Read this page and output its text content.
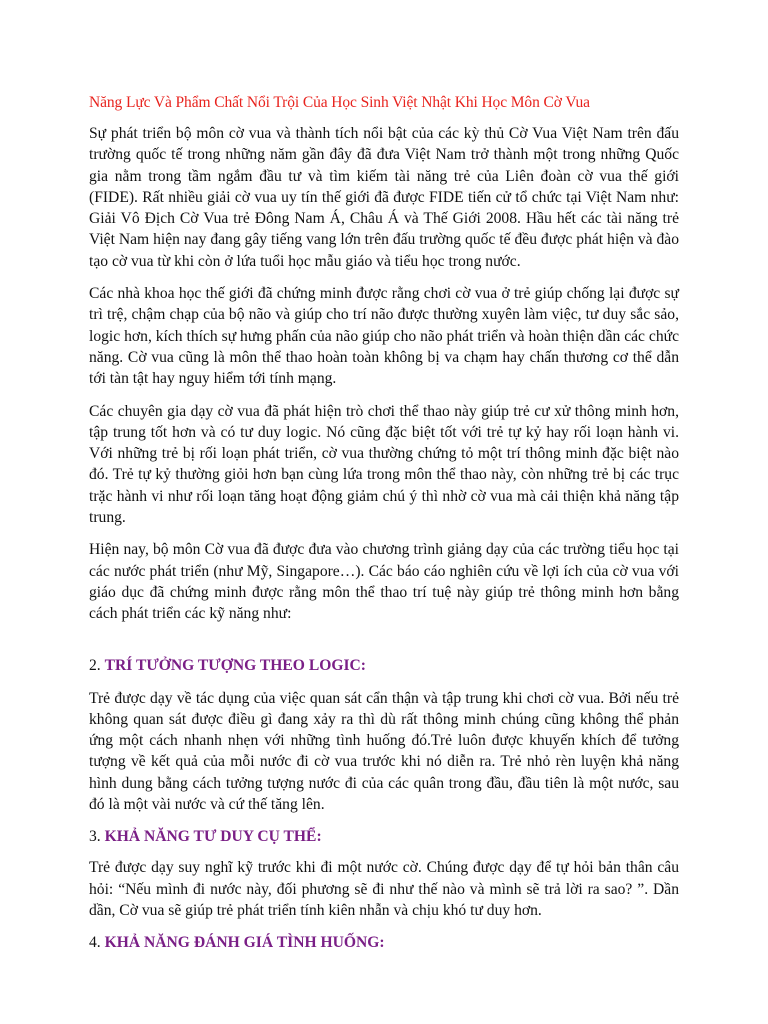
Năng Lực Và Phẩm Chất Nổi Trội Của Học Sinh Việt Nhật Khi Học Môn Cờ Vua

Sự phát triển bộ môn cờ vua và thành tích nổi bật của các kỳ thủ Cờ Vua Việt Nam trên đấu trường quốc tế trong những năm gần đây đã đưa Việt Nam trở thành một trong những Quốc gia nằm trong tầm ngắm đầu tư và tìm kiếm tài năng trẻ của Liên đoàn cờ vua thế giới (FIDE). Rất nhiều giải cờ vua uy tín thế giới đã được FIDE tiến cử tổ chức tại Việt Nam như: Giải Vô Địch Cờ Vua trẻ Đông Nam Á, Châu Á và Thế Giới 2008. Hầu hết các tài năng trẻ Việt Nam hiện nay đang gây tiếng vang lớn trên đấu trường quốc tế đều được phát hiện và đào tạo cờ vua từ khi còn ở lứa tuổi học mẫu giáo và tiểu học trong nước.

Các nhà khoa học thế giới đã chứng minh được rằng chơi cờ vua ở trẻ giúp chống lại được sự trì trệ, chậm chạp của bộ não và giúp cho trí não được thường xuyên làm việc, tư duy sắc sảo, logic hơn, kích thích sự hưng phấn của não giúp cho não phát triển và hoàn thiện dần các chức năng. Cờ vua cũng là môn thể thao hoàn toàn không bị va chạm hay chấn thương cơ thể dẫn tới tàn tật hay nguy hiểm tới tính mạng.

Các chuyên gia dạy cờ vua đã phát hiện trò chơi thể thao này giúp trẻ cư xử thông minh hơn, tập trung tốt hơn và có tư duy logic. Nó cũng đặc biệt tốt với trẻ tự kỷ hay rối loạn hành vi. Với những trẻ bị rối loạn phát triển, cờ vua thường chứng tỏ một trí thông minh đặc biệt nào đó. Trẻ tự kỷ thường giỏi hơn bạn cùng lứa trong môn thể thao này, còn những trẻ bị các trục trặc hành vi như rối loạn tăng hoạt động giảm chú ý thì nhờ cờ vua mà cải thiện khả năng tập trung.

Hiện nay, bộ môn Cờ vua đã được đưa vào chương trình giảng dạy của các trường tiểu học tại các nước phát triển (như Mỹ, Singapore…). Các báo cáo nghiên cứu về lợi ích của cờ vua với giáo dục đã chứng minh được rằng môn thể thao trí tuệ này giúp trẻ thông minh hơn bằng cách phát triển các kỹ năng như:

2. TRÍ TƯỞNG TƯỢNG THEO LOGIC:

Trẻ được dạy về tác dụng của việc quan sát cẩn thận và tập trung khi chơi cờ vua. Bởi nếu trẻ không quan sát được điều gì đang xảy ra thì dù rất thông minh chúng cũng không thể phản ứng một cách nhanh nhẹn với những tình huống đó.Trẻ luôn được khuyến khích để tưởng tượng về kết quả của mỗi nước đi cờ vua trước khi nó diễn ra. Trẻ nhỏ rèn luyện khả năng hình dung bằng cách tưởng tượng nước đi của các quân trong đầu, đầu tiên là một nước, sau đó là một vài nước và cứ thế tăng lên.

3. KHẢ NĂNG TƯ DUY CỤ THỂ:

Trẻ được dạy suy nghĩ kỹ trước khi đi một nước cờ. Chúng được dạy để tự hỏi bản thân câu hỏi: “Nếu mình đi nước này, đối phương sẽ đi như thế nào và mình sẽ trả lời ra sao? ”. Dần dần, Cờ vua sẽ giúp trẻ phát triển tính kiên nhẫn và chịu khó tư duy hơn.

4. KHẢ NĂNG ĐÁNH GIÁ TÌNH HUỐNG:
